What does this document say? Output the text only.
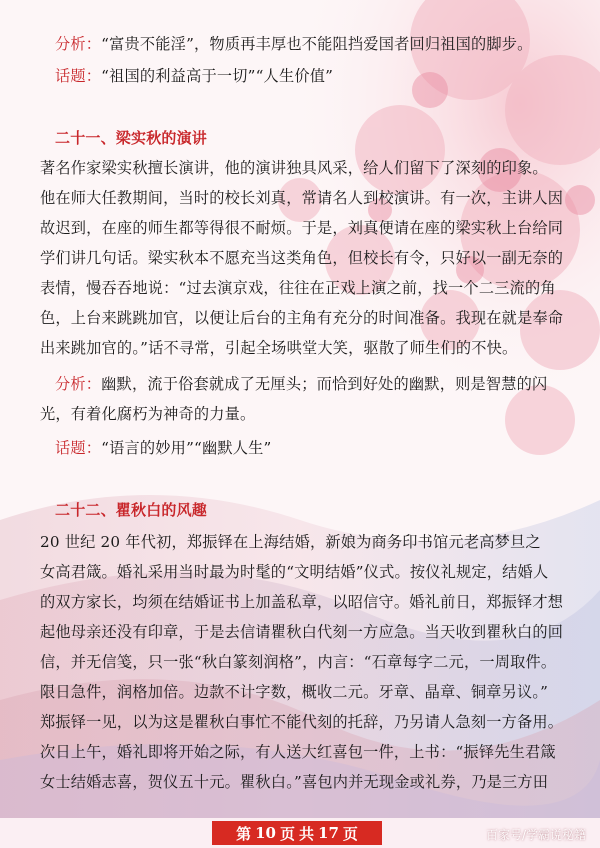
分析：“富贵不能淫”，物质再丰厚也不能阻挡爱国者回归祖国的脚步。
话题：“祖国的利益高于一切”“人生价值”
二十一、梁实秋的演讲
著名作家梁实秋擅长演讲，他的演讲独具风采，给人们留下了深刻的印象。
他在师大任教期间，当时的校长刘真，常请名人到校演讲。有一次，主讲人因
故迟到，在座的师生都等得很不耐烦。于是，刘真便请在座的梁实秋上台给同
学们讲几句话。梁实秋本不愿充当这类角色，但校长有令，只好以一副无奈的
表情，慢吞吞地说：“过去演京戏，往往在正戏上演之前，找一个二三流的角
色，上台来跳跳加官，以便让后台的主角有充分的时间准备。我现在就是奉命
出来跳加官的。”话不寻常，引起全场哄堂大笑，驱散了师生们的不快。
分析：幽默，流于俗套就成了无厘头；而恰到好处的幽默，则是智慧的闪
光，有着化腐朽为神奇的力量。
话题：“语言的妙用”“幽默人生”
二十二、瞿秋白的风趣
20 世纪 20 年代初，郑振铎在上海结婚，新娘为商务印书馆元老高梦旦之
女高君箴。婚礼采用当时最为时髦的“文明结婚”仪式。按仪礼规定，结婚人
的双方家长，均须在结婚证书上加盖私章，以昭信守。婚礼前日，郑振铎才想
起他母亲还没有印章，于是去信请瞿秋白代刻一方应急。当天收到瞿秋白的回
信，并无信笺，只一张“秋白篆刻润格”，内言：“石章每字二元，一周取件。
限日急件，润格加倍。边款不计字数，概收二元。牙章、晶章、铜章另议。”
郑振铎一见，以为这是瞿秋白事忙不能代刻的托辞，乃另请人急刻一方备用。
次日上午，婚礼即将开始之际，有人送大红喜包一件，上书：“振铎先生君箴
女士结婚志喜，贺仪五十元。瞿秋白。”喜包内并无现金或礼券，乃是三方田
第 10 页 共 17 页	百家号/学霸说秘籍
